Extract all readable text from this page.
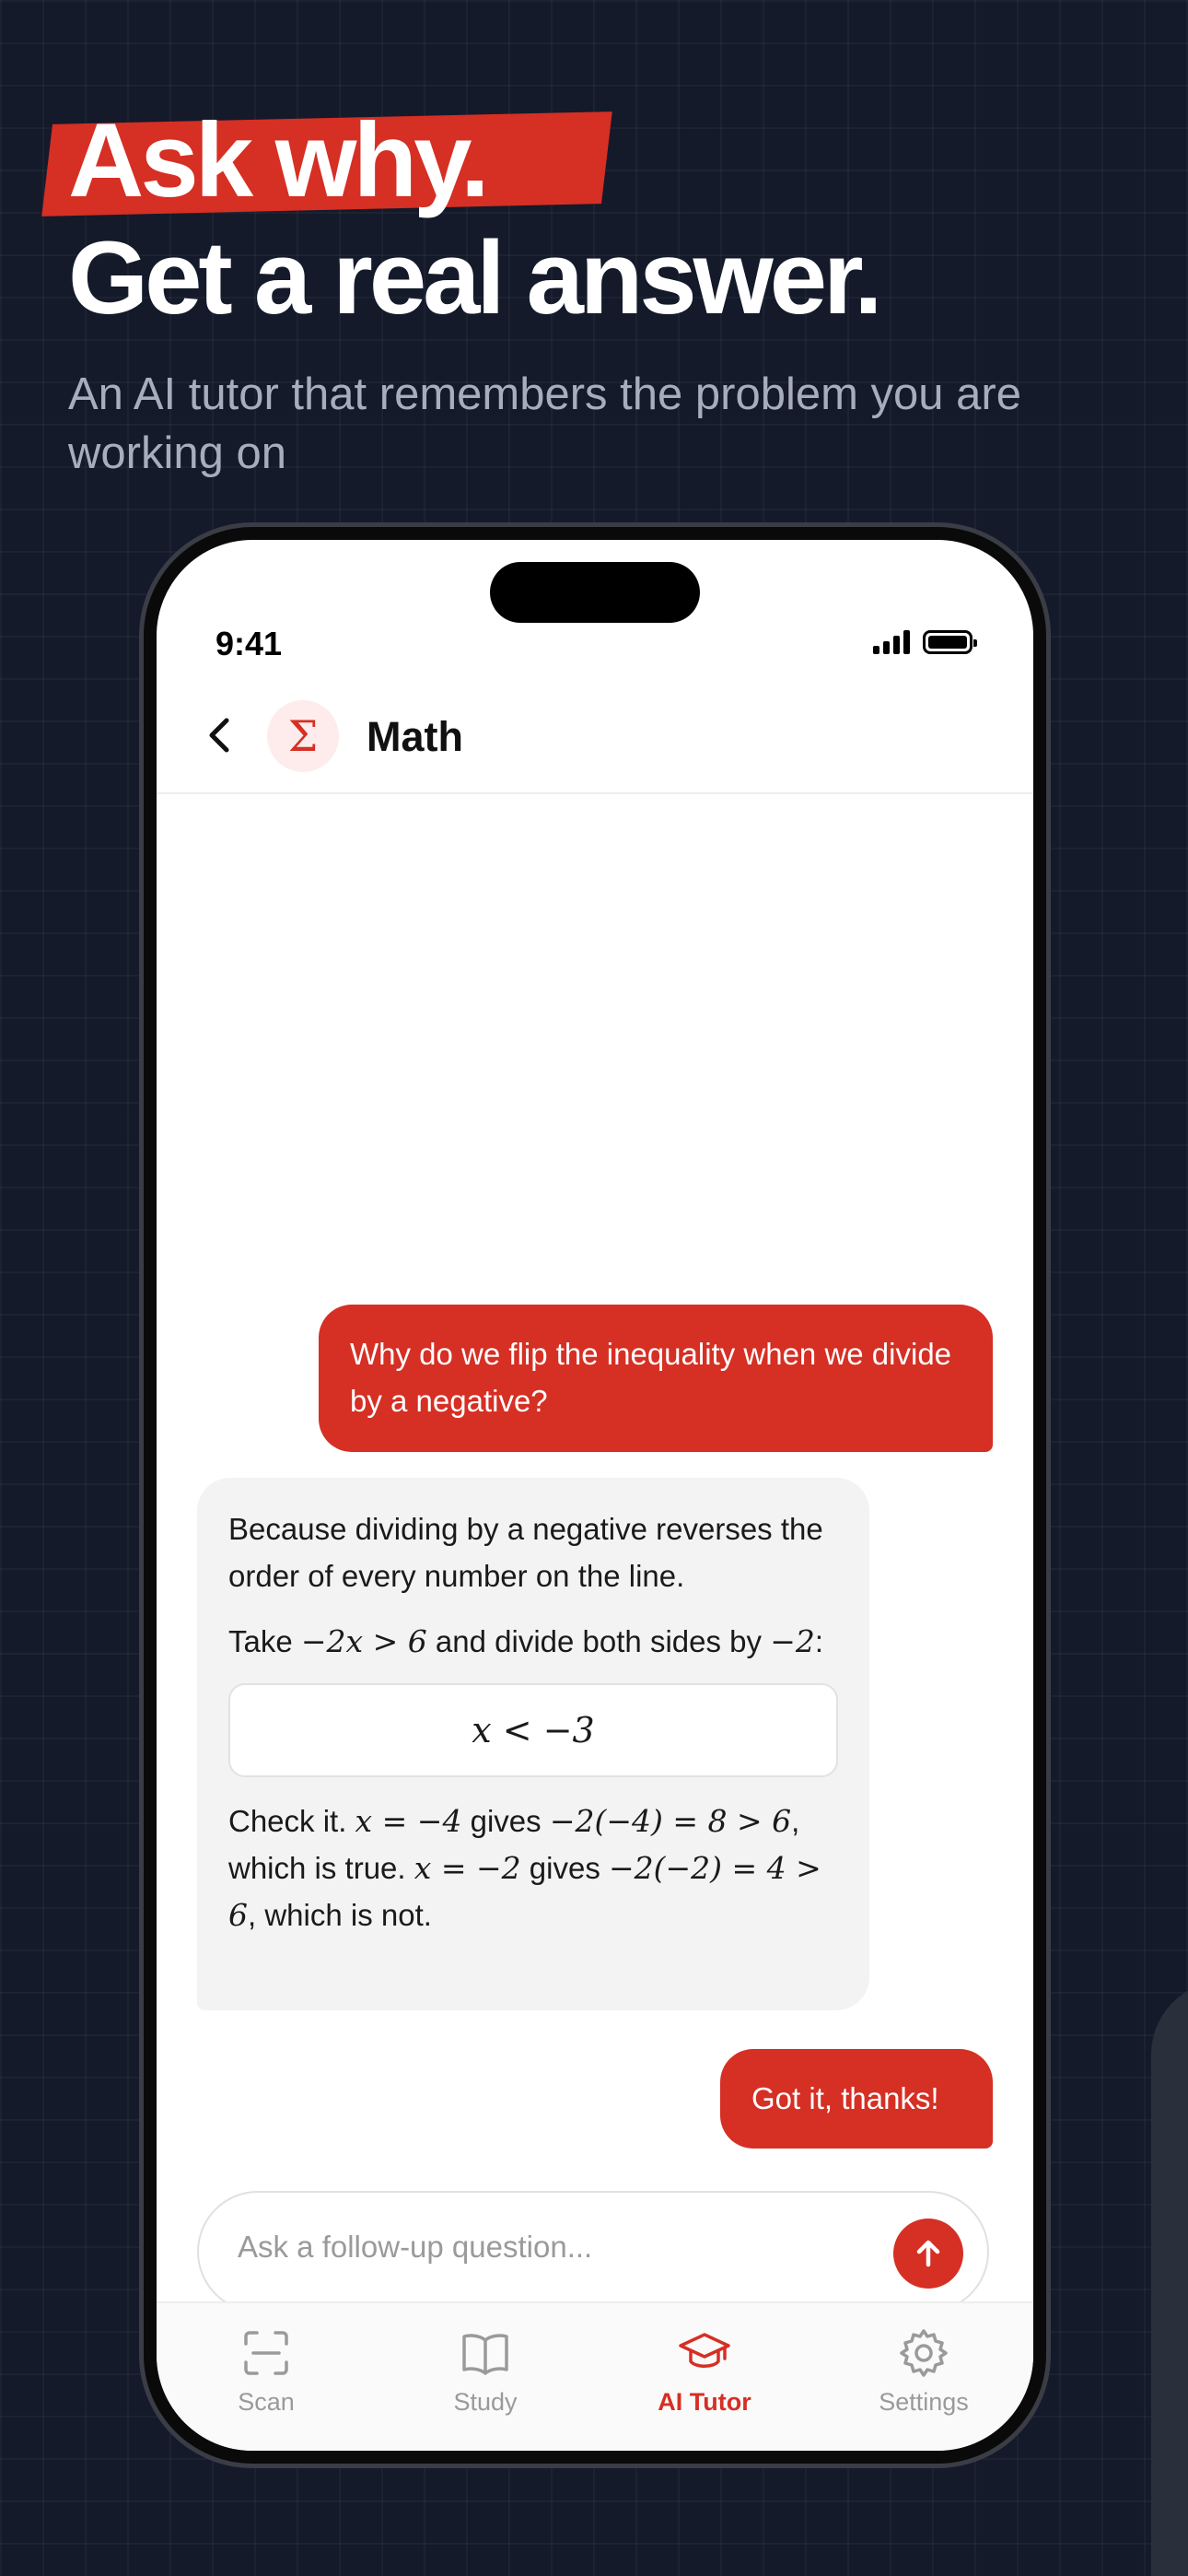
Ask why.
Get a real answer.
An AI tutor that remembers the problem you are working on
9:41
Σ	Math
Why do we flip the inequality when we divide by a negative?

Because dividing by a negative reverses the order of every number on the line.

Take −2x > 6 and divide both sides by −2:

x < −3

Check it. x = −4 gives −2(−4) = 8 > 6, which is true. x = −2 gives −2(−2) = 4 > 6, which is not.

Got it, thanks!
Ask a follow-up question...
Scan	Study	AI Tutor	Settings
